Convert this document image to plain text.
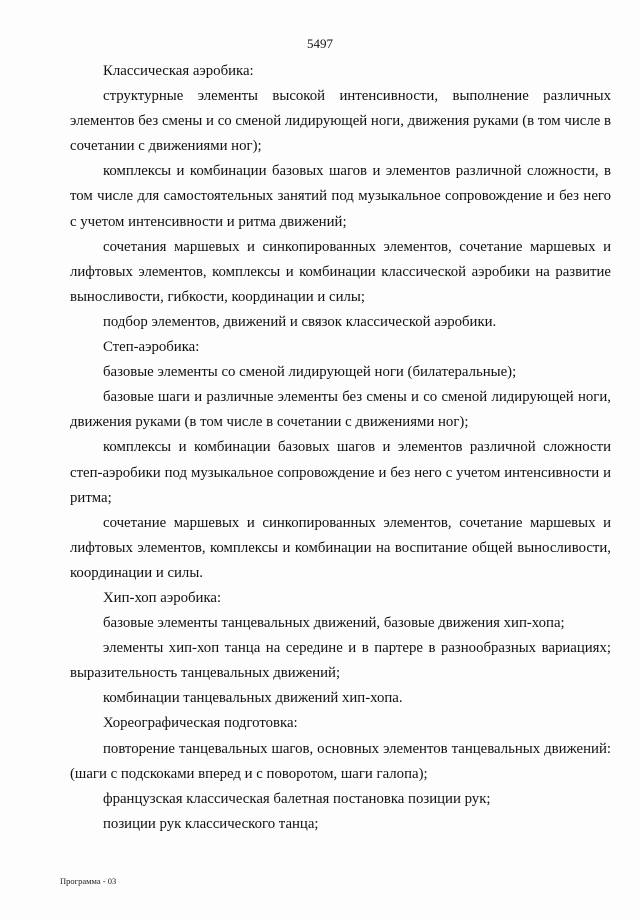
5497

Классическая аэробика:

структурные элементы высокой интенсивности, выполнение различных элементов без смены и со сменой лидирующей ноги, движения руками (в том числе в сочетании с движениями ног);

комплексы и комбинации базовых шагов и элементов различной сложности, в том числе для самостоятельных занятий под музыкальное сопровождение и без него с учетом интенсивности и ритма движений;

сочетания маршевых и синкопированных элементов, сочетание маршевых и лифтовых элементов, комплексы и комбинации классической аэробики на развитие выносливости, гибкости, координации и силы;

подбор элементов, движений и связок классической аэробики.

Степ-аэробика:

базовые элементы со сменой лидирующей ноги (билатеральные);

базовые шаги и различные элементы без смены и со сменой лидирующей ноги, движения руками (в том числе в сочетании с движениями ног);

комплексы и комбинации базовых шагов и элементов различной сложности степ-аэробики под музыкальное сопровождение и без него с учетом интенсивности и ритма;

сочетание маршевых и синкопированных элементов, сочетание маршевых и лифтовых элементов, комплексы и комбинации на воспитание общей выносливости, координации и силы.

Хип-хоп аэробика:

базовые элементы танцевальных движений, базовые движения хип-хопа;

элементы хип-хоп танца на середине и в партере в разнообразных вариациях; выразительность танцевальных движений;

комбинации танцевальных движений хип-хопа.

Хореографическая подготовка:

повторение танцевальных шагов, основных элементов танцевальных движений: (шаги с подскоками вперед и с поворотом, шаги галопа);

французская классическая балетная постановка позиции рук;

позиции рук классического танца;

Программа - 03
